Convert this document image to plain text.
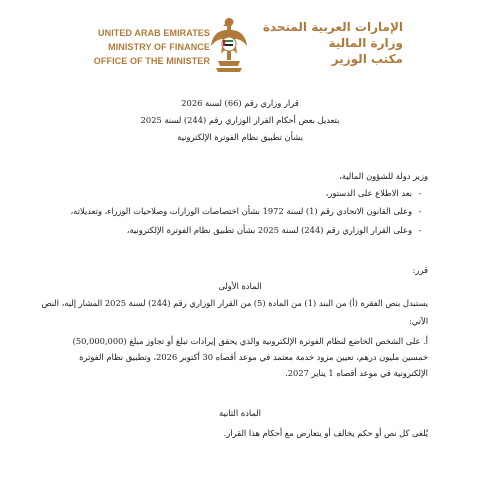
UNITED ARAB EMIRATES
MINISTRY OF FINANCE
OFFICE OF THE MINISTER
الإمارات العربية المتحدة
وزارة المالية
مكتب الوزير
قرار وزاري رقم (66) لسنة 2026
بتعديل بعض أحكام القرار الوزاري رقم (244) لسنة 2025
بشأن تطبيق نظام الفوترة الإلكترونية
وزير دولة للشؤون المالية،
-بعد الاطلاع على الدستور،
-وعلى القانون الاتحادي رقم (1) لسنة 1972 بشأن اختصاصات الوزارات وصلاحيات الوزراء، وتعديلاته،
-وعلى القرار الوزاري رقم (244) لسنة 2025 بشأن تطبيق نظام الفوترة الإلكترونية،
قرر:
المادة الأولى
يستبدل بنص الفقرة (أ) من البند (1) من المادة (5) من القرار الوزاري رقم (244) لسنة 2025 المشار إليه، النص
الآتي:
أ. على الشخص الخاضع لنظام الفوترة الإلكترونية والذي يحقق إيرادات تبلغ أو تجاوز مبلغ (50,000,000) خمسين مليون درهم، تعيين مزود خدمة معتمد في موعد أقصاه 30 أكتوبر 2026، وتطبيق نظام الفوترة الإلكترونية في موعد أقصاه 1 يناير 2027.
المادة الثانية
يُلغى كل نص أو حكم يخالف أو يتعارض مع أحكام هذا القرار.
